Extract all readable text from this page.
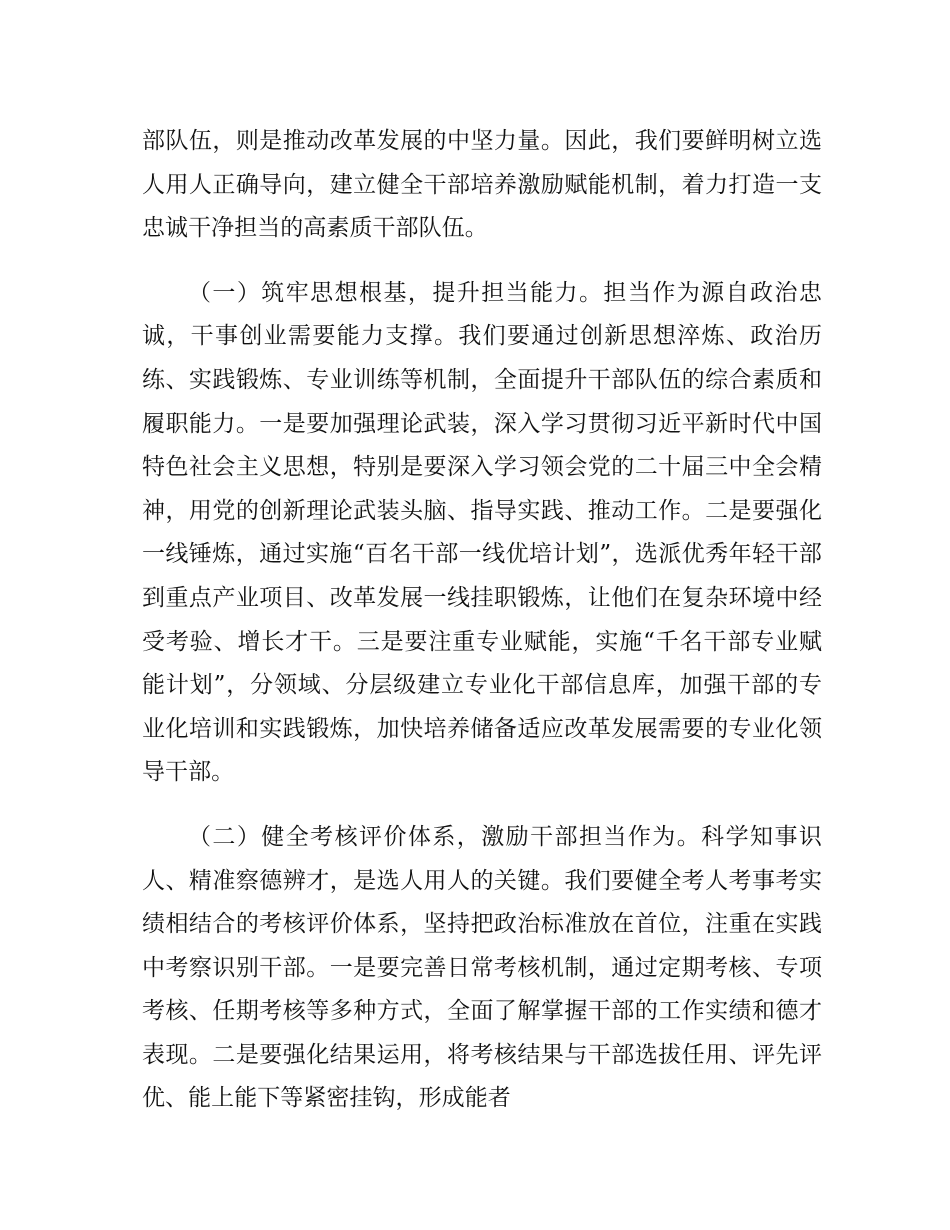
部队伍，则是推动改革发展的中坚力量。因此，我们要鲜明树立选人用人正确导向，建立健全干部培养激励赋能机制，着力打造一支忠诚干净担当的高素质干部队伍。

（一）筑牢思想根基，提升担当能力。担当作为源自政治忠诚，干事创业需要能力支撑。我们要通过创新思想淬炼、政治历练、实践锻炼、专业训练等机制，全面提升干部队伍的综合素质和履职能力。一是要加强理论武装，深入学习贯彻习近平新时代中国特色社会主义思想，特别是要深入学习领会党的二十届三中全会精神，用党的创新理论武装头脑、指导实践、推动工作。二是要强化一线锤炼，通过实施“百名干部一线优培计划”，选派优秀年轻干部到重点产业项目、改革发展一线挂职锻炼，让他们在复杂环境中经受考验、增长才干。三是要注重专业赋能，实施“千名干部专业赋能计划”，分领域、分层级建立专业化干部信息库，加强干部的专业化培训和实践锻炼，加快培养储备适应改革发展需要的专业化领导干部。

（二）健全考核评价体系，激励干部担当作为。科学知事识人、精准察德辨才，是选人用人的关键。我们要健全考人考事考实绩相结合的考核评价体系，坚持把政治标准放在首位，注重在实践中考察识别干部。一是要完善日常考核机制，通过定期考核、专项考核、任期考核等多种方式，全面了解掌握干部的工作实绩和德才表现。二是要强化结果运用，将考核结果与干部选拔任用、评先评优、能上能下等紧密挂钩，形成能者
